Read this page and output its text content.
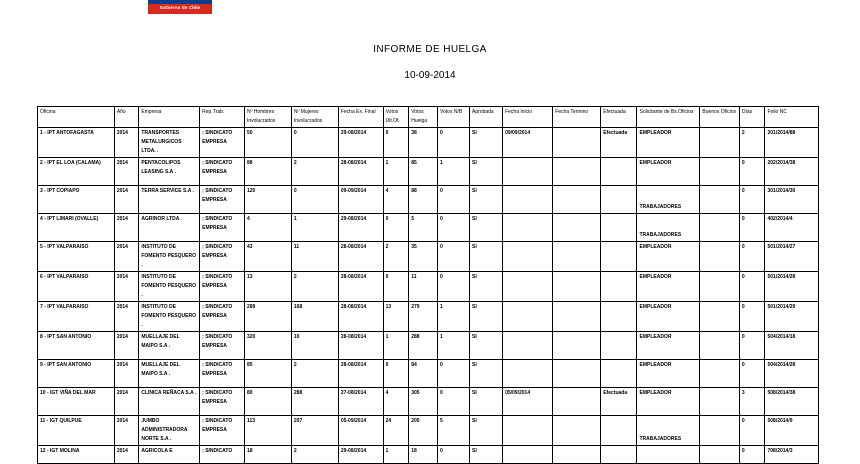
Gobierno de Chile
INFORME DE HUELGA
10-09-2014
Oficina	Año	Empresa	Rep.Trab.	Nº Hombres Involucrados	Nº Mujeres Involucrados	Fecha Ex. Final	Votos Ult.Of.	Votos Huelga	Votos N/B	Aprobada	Fecha Inicio	Fecha Termino	Efectuada	Solicitante de Bs.Oficios	Buenos Oficios	Días	Folio NC
1 - IPT ANTOFAGASTA	2014	TRANSPORTES METALURGICOS LTDA. .	; SINDICATO EMPRESA	50	0	29-08/2014	0	38	0	SI	09/09/2014		Efectuada	EMPLEADOR		2	201/2014/88
2 - IPT EL LOA (CALAMA)	2014	PENTACOLIPOS LEASING S.A .	; SINDICATO EMPRESA	88	2	28-08/2014	1	85	1	SI				EMPLEADOR		0	202/2014/38
3 - IPT COPIAPO	2014	TERRA SERVICE S.A .	; SINDICATO EMPRESA	120	0	09-09/2014	4	88	0	SI				TRABAJADORES		0	301/2014/30
4 - IPT LIMARI (OVALLE)	2014	AGRINOR LTDA .	; SINDICATO EMPRESA	4	1	29-08/2014	0	5	0	SI				TRABAJADORES		0	402/2014/4
5 - IPT VALPARAISO	2014	INSTITUTO DE FOMENTO PESQUERO .	; SINDICATO EMPRESA	43	11	28-08/2014	2	35	0	SI				EMPLEADOR		0	501/2014/27
6 - IPT VALPARAISO	2014	INSTITUTO DE FOMENTO PESQUERO .	; SINDICATO EMPRESA	13	2	28-08/2014	0	11	0	SI				EMPLEADOR		0	501/2014/28
7 - IPT VALPARAISO	2014	INSTITUTO DE FOMENTO PESQUERO .	; SINDICATO EMPRESA	289	168	28-08/2014	13	279	1	SI				EMPLEADOR		0	501/2014/29
8 - IPT SAN ANTONIO	2014	MUELLAJE DEL MAIPO S.A .	; SINDICATO EMPRESA	320	10	28-08/2014	1	288	1	SI				EMPLEADOR		0	504/2014/18
9 - IPT SAN ANTONIO	2014	MUELLAJE DEL MAIPO S.A .	; SINDICATO EMPRESA	85	2	28-08/2014	0	84	0	SI				EMPLEADOR		0	504/2014/28
10 - IGT VIÑA DEL MAR	2014	CLINICA REÑACA S.A .	; SINDICATO EMPRESA	80	288	27-08/2014	4	305	0	SI	05/09/2014		Efectuada	EMPLEADOR		3	508/2014/38
11 - IGT QUILPUE	2014	JUMBO ADMINISTRADORA NORTE S.A .	; SINDICATO EMPRESA	113	207	05-09/2014	24	205	5	SI				TRABAJADORES		0	508/2014/9
12 - IGT MOLINA	2014	AGRICOLA E	; SINDICATO	18	2	29-08/2014	1	18	0	SI						0	708/2014/3
